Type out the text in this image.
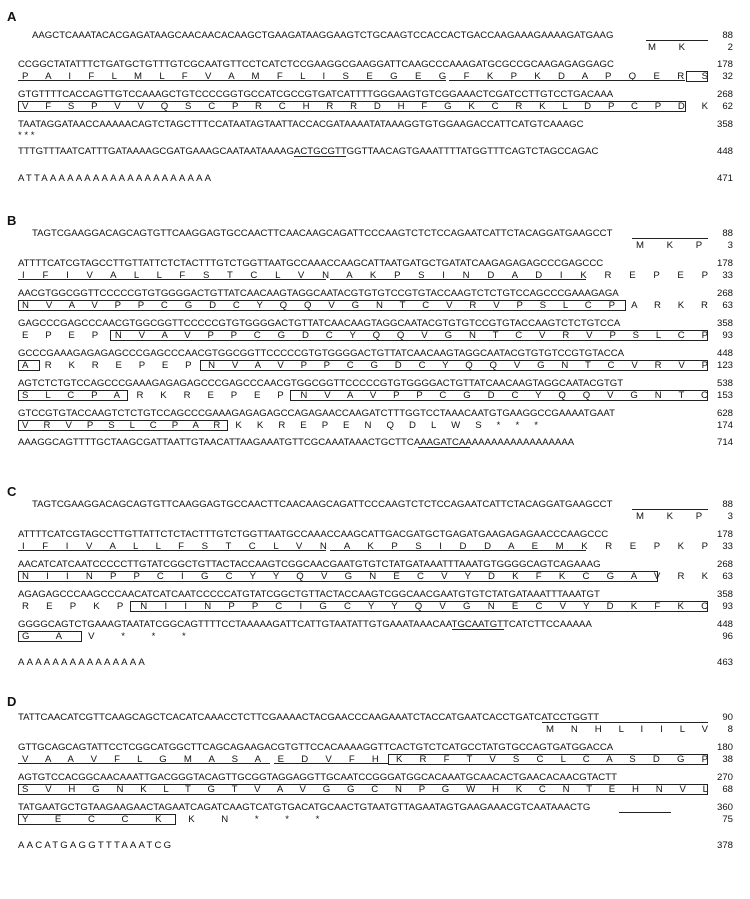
A
AAGCTCAAATACACGAGATAAGCAACAACACAAGCTGAAGATAAGGAAGTCTGCAAGTCCACCACTGACCAAGAAAGAAAAGATGAAG	88
M K	2
CCGGCTATATTTCTGATGCTGTTTGTCGCAATGTTCCTCATCTCCGAAGGCGAAGGATTCAAGCCCAAAGATGCGCCGCAAGAGAGGAGC	178
P A I F L M L F V A M F L I S E G E G F K P K D A P Q E R S	32
GTGTTTTCACCAGTTGTCCAAAGCTGTCCCCGGTGCCATCGCCGTGATCATTTTGGGAAGTGTCGGAAACTCGATCCTTGTCCTGACAAA	268
V F S P V V Q S C P R C H R R D H F G K C R K L D P C P D K	62
TAATAGGATAACCAAAAACAGTCTAGCTTTCCATAATAGTAATTACCACGATAAAATATAAAGGTGTGGAAGACCATTCATGTCAAAGC	358
* * *
TTTGTTTAATCATTTGATAAAAGCGATGAAAGCAATAATAAAAGACTGCGTTGGTTAACAGTGAAATTTTATGGTTTCAGTCTAGCCAGAC	448
ATTAAAAAAAAAAAAAAAAAAAA	471
B
TAGTCGAAGGACAGCAGTGTTCAAGGAGTGCCAACTTCAACAAGCAGATTCCCAAGTCTCTCCAGAATCATTCTACAGGATGAAGCCT	88
M K P	3
ATTTTCATCGTAGCCTTGTTATTCTCTACTTTGTCTGGTTAATGCCAAACCAAGCATTAATGATGCTGATATCAAGAGAGAGCCCGAGCCC	178
I F I V A L L F S T C L V N A K P S I N D A D I K R E P E P	33
AACGTGGCGGTTCCCCCGTGTGGGGACTGTTATCAACAAGTAGGCAATACGTGTGTCCGTGTACCAAGTCTCTGTCCAGCCCGAAAGAGA	268
N V A V P P C G D C Y Q Q V G N T C V R V P S L C P A R K R	63
GAGCCCGAGCCCAACGTGGCGGTTCCCCCGTGTGGGGACTGTTATCAACAAGTAGGCAATACGTGTGTCCGTGTACCAAGTCTCTGTCCA	358
E P E P N V A V P P C G D C Y Q Q V G N T C V R V P S L C P	93
GCCCGAAAGAGAGAGCCCGAGCCCAACGTGGCGGTTCCCCCGTGTGGGGACTGTTATCAACAAGTAGGCAATACGTGTGTCCGTGTACCA	448
A R K R E P E P N V A V P P C G D C Y Q Q V G N T C V R V P 123
AGTCTCTGTCCAGCCCGAAAGAGAGAGCCCGAGCCCAACGTGGCGGTTCCCCCGTGTGGGGACTGTTATCAACAAGTAGGCAATACGTGT	538
S L C P A R K R E P E P N V A V P P C G D C Y Q Q V G N T C 153
GTCCGTGTACCAAGTCTCTGTCCAGCCCGAAAGAGAGAGCCAGAGAACCAAGATCTTTGGTCCTAAACAATGTGAAGGCCGAAAATGAAT	628
V R V P S L C P A R K K R E P E N Q D L W S * * *	174
AAAGGCAGTTTTGCTAAGCGATTAATTGTAACATTAAGAAATGTTCGCAAATAAACTGCTTCAAAGATCAAAAAAAAAAAAAAAAAA	714
C
TAGTCGAAGGACAGCAGTGTTCAAGGAGTGCCAACTTCAACAAGCAGATTCCCAAGTCTCTCCAGAATCATTCTACAGGATGAAGCCT	88
M K P	3
ATTTTCATCGTAGCCTTGTTATTCTCTACTTTGTCTGGTTAATGCCAAACCAAGCATTGACGATGCTGAGATGAAGAGAGAACCCAAGCCC	178
I F I V A L L F S T C L V N A K P S I D D A E M K R E P K P	33
AACATCATCAATCCCCCTTGTATCGGCTGTTACTACCAAGTCGGCAACGAATGTGTCTATGATAAATTTAAATGTGGGGCAGTCAGAAAG	268
N I I N P P C I G C Y Y Q V G N E C V Y D K F K C G A V R K	63
AGAGAGCCCAAGCCCAACATCATCAATCCCCCATGTATCGGCTGTTACTACCAAGTCGGCAACGAATGTGTCTATGATAAATTTAAATGT	358
R E P K P N I I N P P C I G C Y Y Q V G N E C V Y D K F K C	93
GGGGCAGTCTGAAAGTAATATCGGCAGTTTTCCTAAAAAGATTCATTGTAATATTGTGAAATAAACAATGCAATGTTCATCTTCCAAAAA	448
G A V * * *	96
AAAAAAAAAAAAAAA	463
D
TATTCAACATCGTTCAAGCAGCTCACATCAAACCTCTTCGAAAACTACGAACCCAAGAAATCTACCATGAATCACCTGATCATCCTGGTT	90
M N H L I I L V	8
GTTGCAGCAGTATTCCTCGGCATGGCTTCAGCAGAAGACGTGTTCCACAAAAGGTTCACTGTCTCATGCCTATGTGCCAGTGATGGACCA	180
V A A V F L G M A S A E D V F H K R F T V S C L C A S D G P	38
AGTGTCCACGGCAACAAATTGACGGGTACAGTTGCGGTAGGAGGTTGCAATCCGGGATGGCACAAATGCAACACTGAACACAACGTACTT	270
S V H G N K L T G T V A V G G C N P G W H K C N T E H N V L	68
TATGAATGCTGTAAGAAGAACTAGAATCAGATCAAGTCATGTGACATGCAACTGTAATGTTAGAATAGTGAAGAAACGTCAATAAACTG	360
Y E C C K K N * * *	75
AACATGAGGTTTAAATCG	378
